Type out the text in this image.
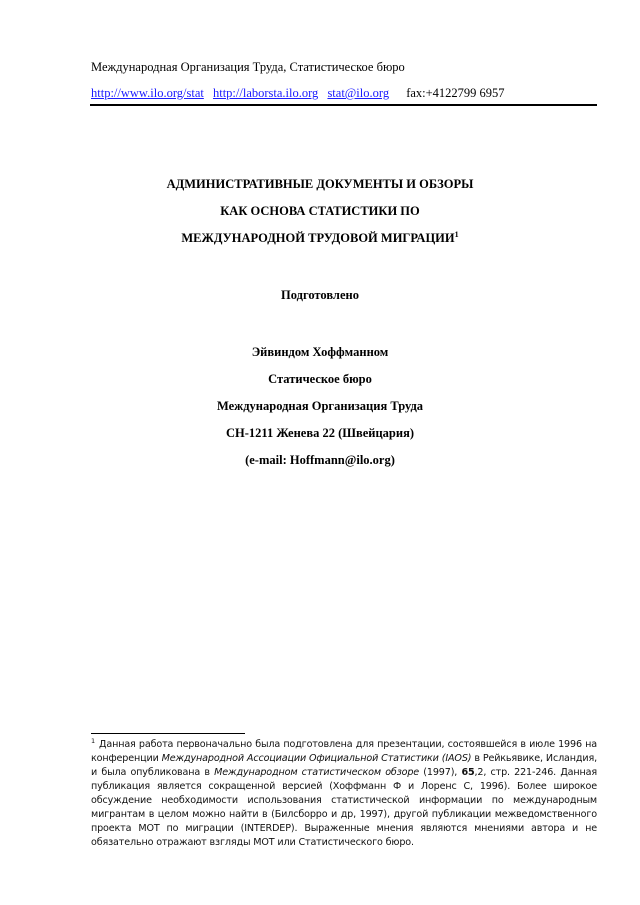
Международная Организация Труда, Статистическое бюро
http://www.ilo.org/stat http://laborsta.ilo.org stat@ilo.org fax:+4122799 6957
АДМИНИСТРАТИВНЫЕ ДОКУМЕНТЫ И ОБЗОРЫ
КАК ОСНОВА СТАТИСТИКИ ПО
МЕЖДУНАРОДНОЙ ТРУДОВОЙ МИГРАЦИИ$^1$
Подготовлено
Эйвиндом Хоффманном
Статическое бюро
Международная Организация Труда
CH-1211 Женева 22 (Швейцария)
(e-mail: Hoffmann@ilo.org)
$^1$ Данная работа первоначально была подготовлена для презентации, состоявшейся в июле 1996 на конференции Международной Ассоциации Официальной Статистики (IAOS) в Рейкьявике, Исландия, и была опубликована в Международном статистическом обзоре (1997), 65,2, стр. 221-246. Данная публикация является сокращенной версией (Хоффманн Ф и Лоренс С, 1996). Более широкое обсуждение необходимости использования статистической информации по международным мигрантам в целом можно найти в (Билсборро и др, 1997), другой публикации межведомственного проекта МОТ по миграции (INTERDEP). Выраженные мнения являются мнениями автора и не обязательно отражают взгляды МОТ или Статистического бюро.
